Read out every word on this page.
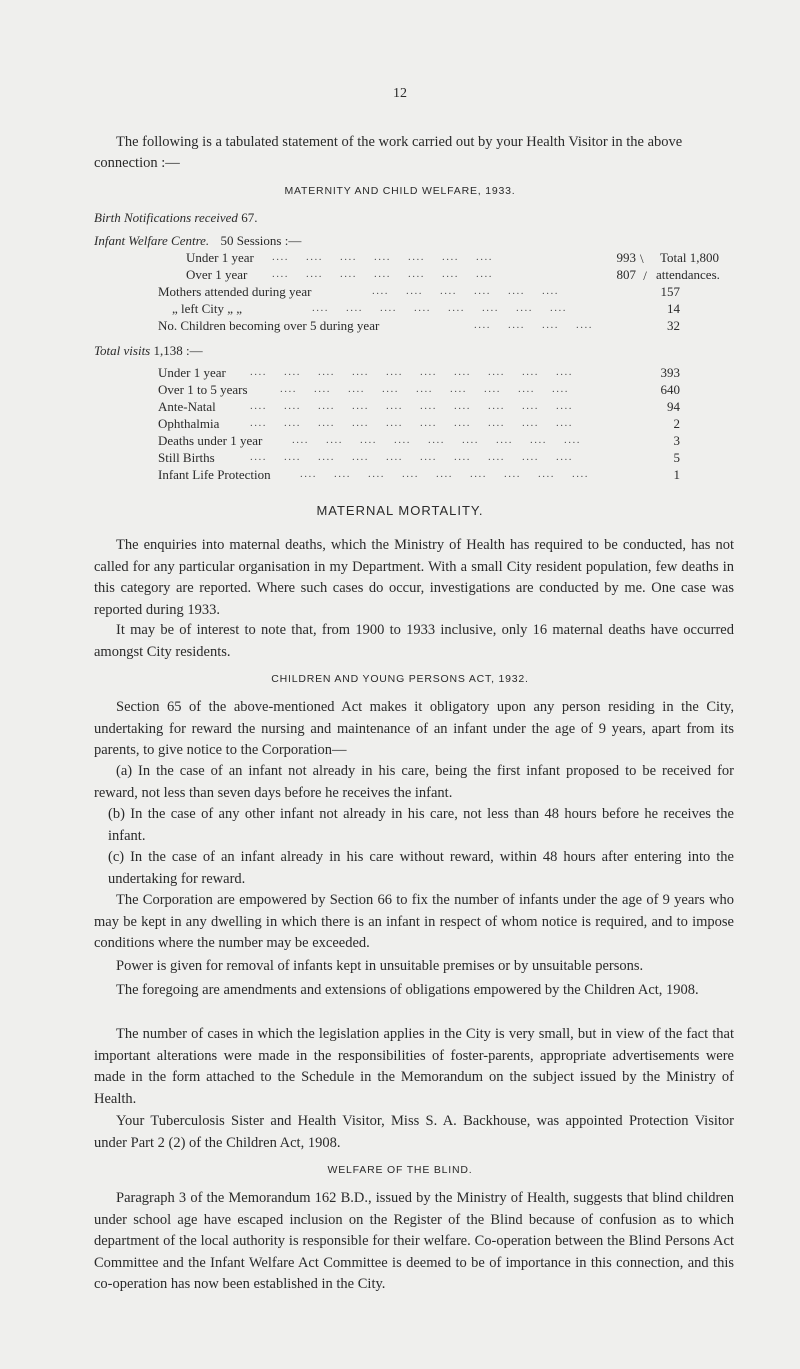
12
The following is a tabulated statement of the work carried out by your Health Visitor in the above connection :—
MATERNITY AND CHILD WELFARE, 1933.
Birth Notifications received 67.
Infant Welfare Centre. 50 Sessions :—
Under 1 year ....    ....    ....    ....    ....    ....    ....	993
Over 1 year ....    ....    ....    ....    ....    ....    ....	807
\
/
Total 1,800
attendances.
Mothers attended during year	....    ....    ....    ....    ....    ....	157
„ left City „ „	....    ....    ....    ....    ....    ....    ....    ....	14
No. Children becoming over 5 during year	....    ....    ....    ....	32
Total visits 1,138 :—
Under 1 year ....    ....    ....    ....    ....    ....    ....    ....    ....    ....	393
Over 1 to 5 years	....    ....    ....    ....    ....    ....    ....    ....    ....	640
Ante-Natal	....    ....    ....    ....    ....    ....    ....    ....    ....    ....	94
Ophthalmia	....    ....    ....    ....    ....    ....    ....    ....    ....    ....	2
Deaths under 1 year	....    ....    ....    ....    ....    ....    ....    ....    ....	3
Still Births	....    ....    ....    ....    ....    ....    ....    ....    ....    ....	5
Infant Life Protection	....    ....    ....    ....    ....    ....    ....    ....    ....	1
MATERNAL MORTALITY.

The enquiries into maternal deaths, which the Ministry of Health has required to be conducted, has not called for any particular organisation in my Department. With a small City resident population, few deaths in this category are reported. Where such cases do occur, investigations are conducted by me. One case was reported during 1933.

It may be of interest to note that, from 1900 to 1933 inclusive, only 16 maternal deaths have occurred amongst City residents.

CHILDREN AND YOUNG PERSONS ACT, 1932.

Section 65 of the above-mentioned Act makes it obligatory upon any person residing in the City, undertaking for reward the nursing and maintenance of an infant under the age of 9 years, apart from its parents, to give notice to the Corporation—

(a) In the case of an infant not already in his care, being the first infant proposed to be received for reward, not less than seven days before he receives the infant.

(b) In the case of any other infant not already in his care, not less than 48 hours before he receives the infant.

(c) In the case of an infant already in his care without reward, within 48 hours after entering into the undertaking for reward.

The Corporation are empowered by Section 66 to fix the number of infants under the age of 9 years who may be kept in any dwelling in which there is an infant in respect of whom notice is required, and to impose conditions where the number may be exceeded.

Power is given for removal of infants kept in unsuitable premises or by unsuitable persons.

The foregoing are amendments and extensions of obligations empowered by the Children Act, 1908.

The number of cases in which the legislation applies in the City is very small, but in view of the fact that important alterations were made in the responsibilities of foster-parents, appropriate advertisements were made in the form attached to the Schedule in the Memorandum on the subject issued by the Ministry of Health.

Your Tuberculosis Sister and Health Visitor, Miss S. A. Backhouse, was appointed Protection Visitor under Part 2 (2) of the Children Act, 1908.

WELFARE OF THE BLIND.

Paragraph 3 of the Memorandum 162 B.D., issued by the Ministry of Health, suggests that blind children under school age have escaped inclusion on the Register of the Blind because of confusion as to which department of the local authority is responsible for their welfare. Co-operation between the Blind Persons Act Committee and the Infant Welfare Act Committee is deemed to be of importance in this connection, and this co-operation has now been established in the City.
